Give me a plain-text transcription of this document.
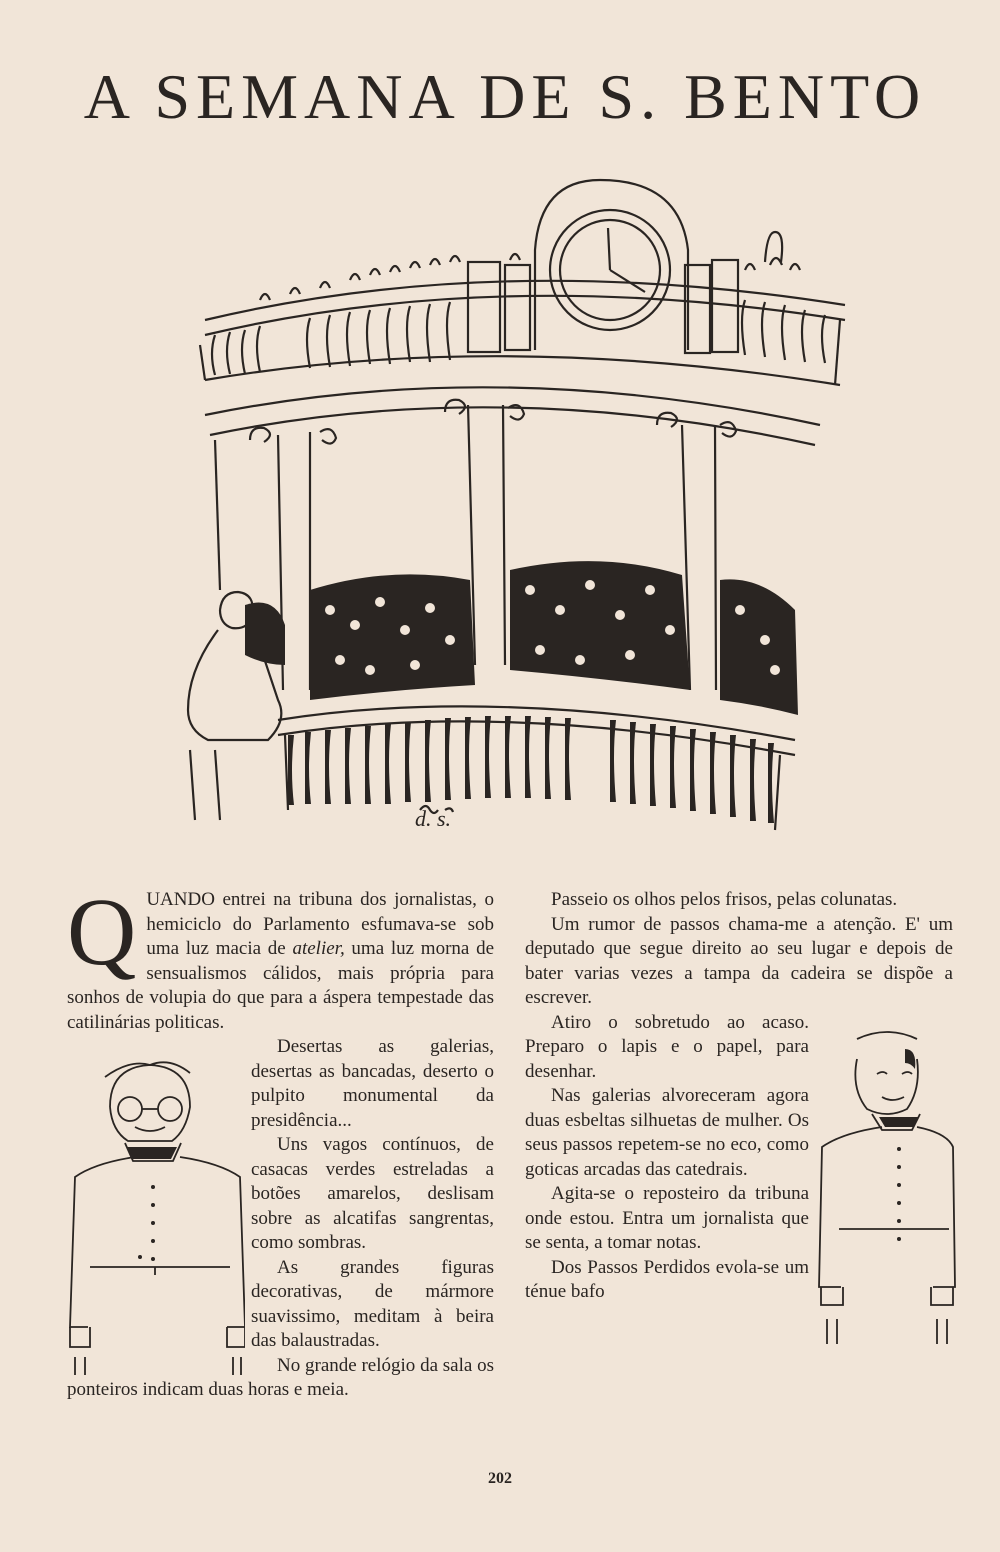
A SEMANA DE S. BENTO
d. s.

QUANDO entrei na tribuna dos jornalistas, o hemiciclo do Parlamento esfumava-se sob uma luz macia de atelier, uma luz morna de sensualismos cálidos, mais própria para sonhos de volupia do que para a áspera tempestade das catilinárias politicas.

Desertas as galerias, desertas as bancadas, deserto o pulpito monumental da presidência...

Uns vagos contínuos, de casacas verdes estreladas a botões amarelos, deslisam sobre as alcatifas sangrentas, como sombras.

As grandes figuras decorativas, de mármore suavissimo, meditam à beira das balaustradas.

No grande relógio da sala os ponteiros indicam duas horas e meia.

Passeio os olhos pelos frisos, pelas colunatas.

Um rumor de passos chama-me a atenção. E' um deputado que segue direito ao seu lugar e depois de bater varias vezes a tampa da cadeira se dispõe a escrever.

Atiro o sobretudo ao acaso. Preparo o lapis e o papel, para desenhar.

Nas galerias alvoreceram agora duas esbeltas silhuetas de mulher. Os seus passos repetem-se no eco, como goticas arcadas das catedrais.

Agita-se o reposteiro da tribuna onde estou. Entra um jornalista que se senta, a tomar notas.

Dos Passos Perdidos evola-se um ténue bafo

202
